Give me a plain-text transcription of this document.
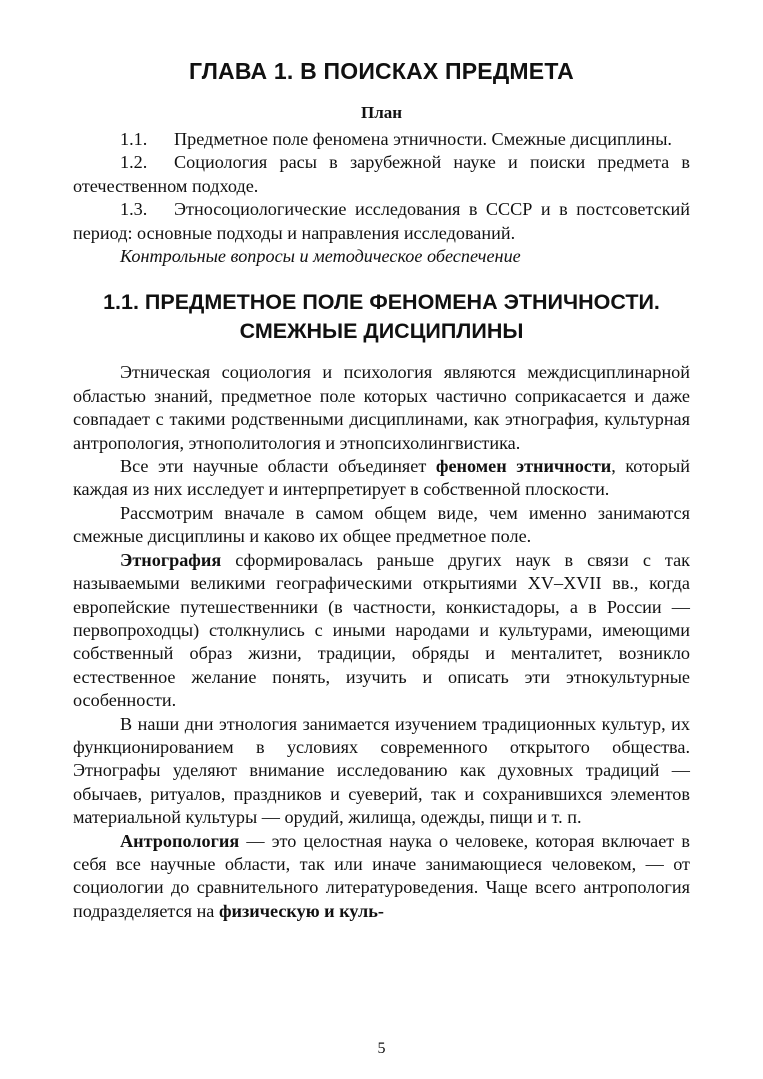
ГЛАВА 1. В ПОИСКАХ ПРЕДМЕТА
План

1.1. Предметное поле феномена этничности. Смежные дисциплины.

1.2. Социология расы в зарубежной науке и поиски предмета в отечественном подходе.

1.3. Этносоциологические исследования в СССР и в постсоветский период: основные подходы и направления исследований.

Контрольные вопросы и методическое обеспечение

1.1. ПРЕДМЕТНОЕ ПОЛЕ ФЕНОМЕНА ЭТНИЧНОСТИ.
СМЕЖНЫЕ ДИСЦИПЛИНЫ

Этническая социология и психология являются междисциплинарной областью знаний, предметное поле которых частично соприкасается и даже совпадает с такими родственными дисциплинами, как этнография, культурная антропология, этнополитология и этнопсихолингвистика.

Все эти научные области объединяет феномен этничности, который каждая из них исследует и интерпретирует в собственной плоскости.

Рассмотрим вначале в самом общем виде, чем именно занимаются смежные дисциплины и каково их общее предметное поле.

Этнография сформировалась раньше других наук в связи с так называемыми великими географическими открытиями XV–XVII вв., когда европейские путешественники (в частности, конкистадоры, а в России — первопроходцы) столкнулись с иными народами и культурами, имеющими собственный образ жизни, традиции, обряды и менталитет, возникло естественное желание понять, изучить и описать эти этнокультурные особенности.

В наши дни этнология занимается изучением традиционных культур, их функционированием в условиях современного открытого общества. Этнографы уделяют внимание исследованию как духовных традиций — обычаев, ритуалов, праздников и суеверий, так и сохранившихся элементов материальной культуры — орудий, жилища, одежды, пищи и т. п.

Антропология — это целостная наука о человеке, которая включает в себя все научные области, так или иначе занимающиеся человеком, — от социологии до сравнительного литературоведения. Чаще всего антропология подразделяется на физическую и куль-

5
